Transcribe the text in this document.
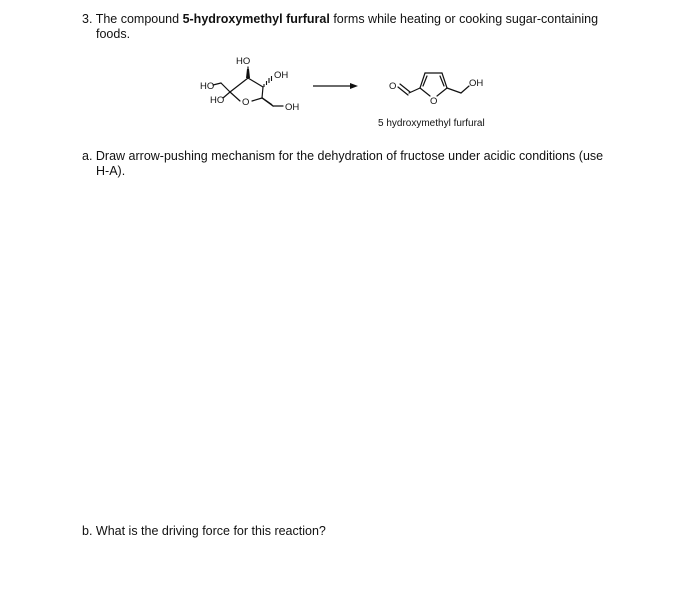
3. The compound 5-hydroxymethyl furfural forms while heating or cooking sugar-containing
foods.
HO
OH
HO
HO O	OH
O
O
OH
5 hydroxymethyl furfural
a. Draw arrow-pushing mechanism for the dehydration of fructose under acidic conditions (use
H-A).
b. What is the driving force for this reaction?
